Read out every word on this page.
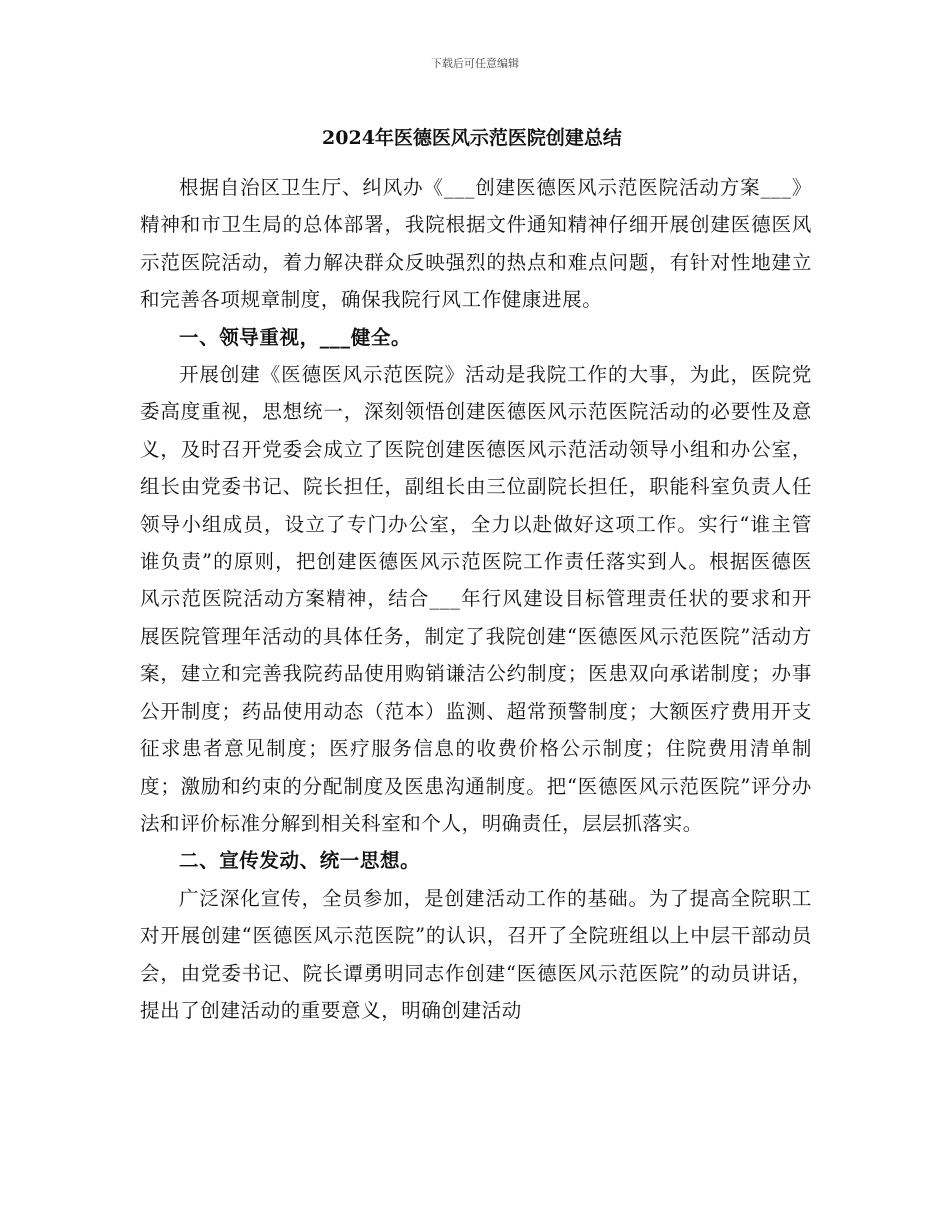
下载后可任意编辑
2024年医德医风示范医院创建总结

根据自治区卫生厅、纠风办《___创建医德医风示范医院活动方案___》精神和市卫生局的总体部署，我院根据文件通知精神仔细开展创建医德医风示范医院活动，着力解决群众反映强烈的热点和难点问题，有针对性地建立和完善各项规章制度，确保我院行风工作健康进展。

一、领导重视，___健全。

开展创建《医德医风示范医院》活动是我院工作的大事，为此，医院党委高度重视，思想统一，深刻领悟创建医德医风示范医院活动的必要性及意义，及时召开党委会成立了医院创建医德医风示范活动领导小组和办公室，组长由党委书记、院长担任，副组长由三位副院长担任，职能科室负责人任领导小组成员，设立了专门办公室，全力以赴做好这项工作。实行“谁主管谁负责”的原则，把创建医德医风示范医院工作责任落实到人。根据医德医风示范医院活动方案精神，结合___年行风建设目标管理责任状的要求和开展医院管理年活动的具体任务，制定了我院创建“医德医风示范医院”活动方案，建立和完善我院药品使用购销谦洁公约制度；医患双向承诺制度；办事公开制度；药品使用动态（范本）监测、超常预警制度；大额医疗费用开支征求患者意见制度；医疗服务信息的收费价格公示制度；住院费用清单制度；激励和约束的分配制度及医患沟通制度。把“医德医风示范医院”评分办法和评价标准分解到相关科室和个人，明确责任，层层抓落实。

二、宣传发动、统一思想。

广泛深化宣传，全员参加，是创建活动工作的基础。为了提高全院职工对开展创建“医德医风示范医院”的认识，召开了全院班组以上中层干部动员会，由党委书记、院长谭勇明同志作创建“医德医风示范医院”的动员讲话，提出了创建活动的重要意义，明确创建活动
